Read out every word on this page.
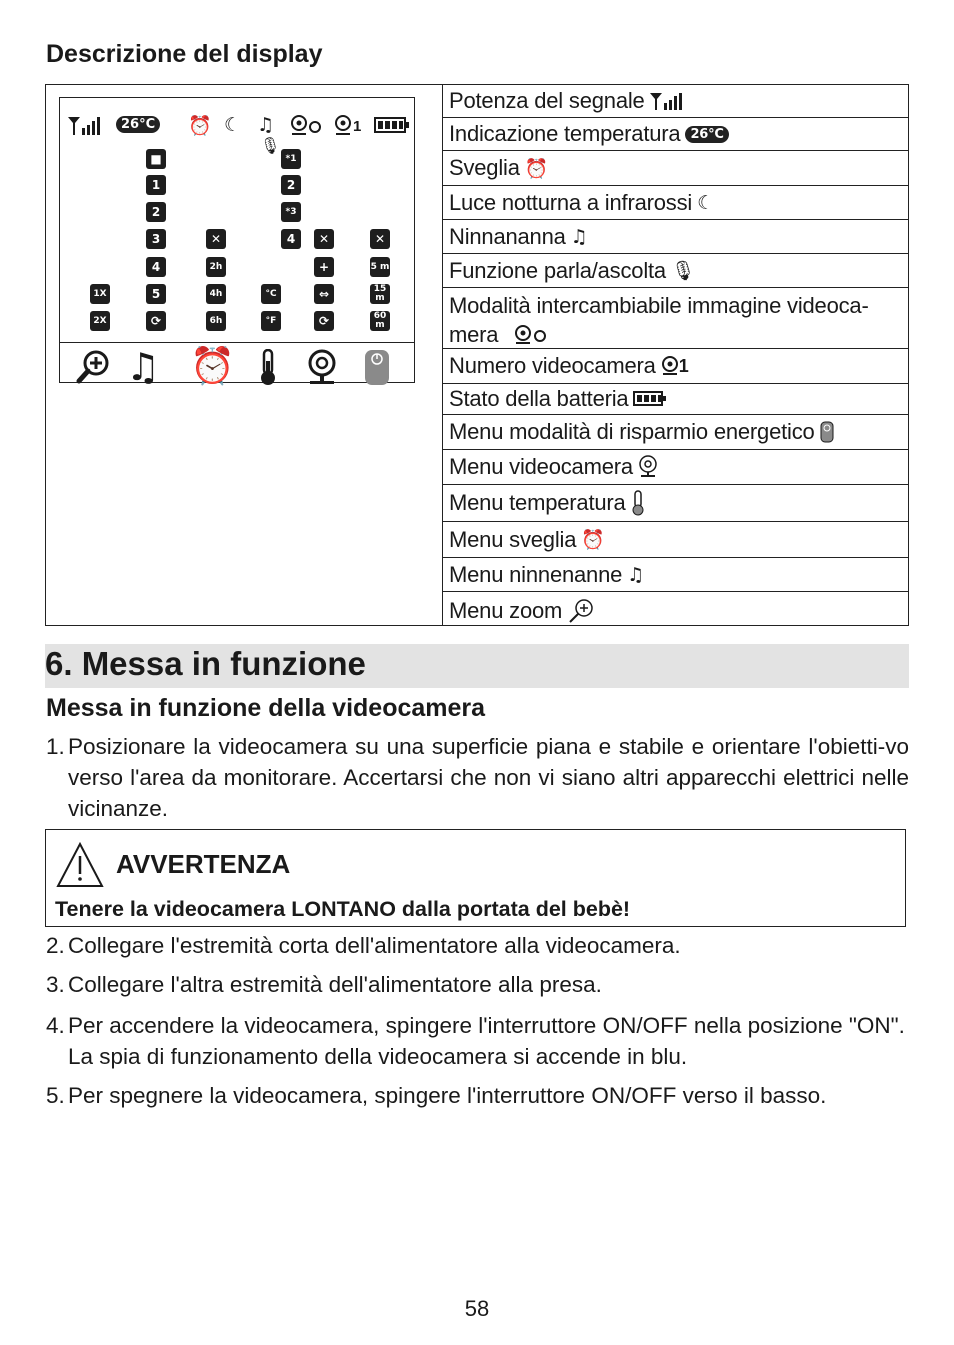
Descrizione del display
26°C ⏰ ☾ ♫	1
🎙
1X
2X
■
1
2
3
4
5
⟳
✕
2h
4h
6h
°C
°F
*1
2
*3
4	✕
+
⇔
⟳
✕
5 m
15 m
60 m
♫ ⏰
Potenza del segnale
Indicazione temperatura 26°C
Sveglia ⏰
Luce notturna a infrarossi ☾
Ninnananna ♫
Funzione parla/ascolta 🎙
Modalità intercambiabile immagine videoca-
mera
Numero videocamera 1
Stato della batteria
Menu modalità di risparmio energetico
Menu videocamera
Menu temperatura
Menu sveglia ⏰
Menu ninnenanne ♫
Menu zoom
6. Messa in funzione
Messa in funzione della videocamera
1. Posizionare la videocamera su una superficie piana e stabile e orientare l'obietti-vo verso l'area da monitorare. Accertarsi che non vi siano altri apparecchi elettrici nelle vicinanze.
AVVERTENZA
Tenere la videocamera LONTANO dalla portata del bebè!
2. Collegare l'estremità corta dell'alimentatore alla videocamera.
3. Collegare l'altra estremità dell'alimentatore alla presa.
4. Per accendere la videocamera, spingere l'interruttore ON/OFF nella posizione "ON". La spia di funzionamento della videocamera si accende in blu.
5. Per spegnere la videocamera, spingere l'interruttore ON/OFF verso il basso.
58
